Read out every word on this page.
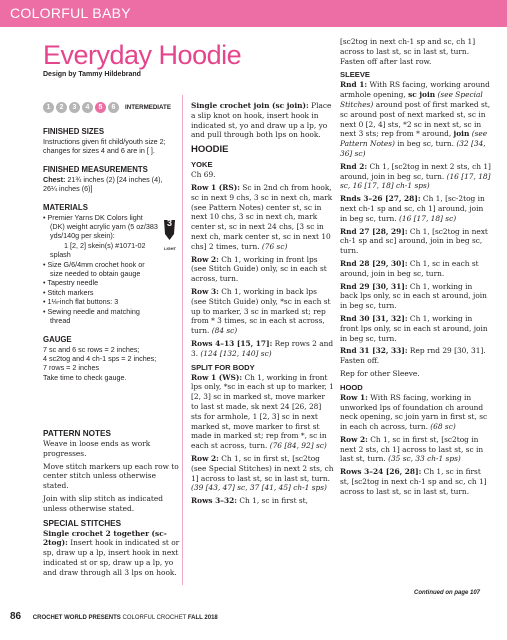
COLORFUL BABY
Everyday Hoodie
Design by Tammy Hildebrand
1	2	3	4	5	6	INTERMEDIATE
FINISHED SIZES
Instructions given fit child/youth size 2; changes for sizes 4 and 6 are in [ ].
FINISHED MEASUREMENTS
Chest: 21¾ inches (2) [24 inches (4), 26¼ inches (6)]
MATERIALS
3
LIGHT
• Premier Yarns DK Colors light (DK) weight acrylic yarn (5 oz/383 yds/140g per skein):
1 [2, 2] skein(s) #1071-02 splash
• Size G/6/4mm crochet hook or size needed to obtain gauge
• Tapestry needle
• Stitch markers
• 1⅛-inch flat buttons: 3
• Sewing needle and matching thread
GAUGE
7 sc and 6 sc rows = 2 inches;
4 sc2tog and 4 ch-1 sps = 2 inches;
7 rows = 2 inches
Take time to check gauge.
PATTERN NOTES

Weave in loose ends as work progresses.

Move stitch markers up each row to center stitch unless otherwise stated.

Join with slip stitch as indicated unless otherwise stated.

SPECIAL STITCHES

Single crochet 2 together (sc-2tog): Insert hook in indicated st or sp, draw up a lp, insert hook in next indicated st or sp, draw up a lp, yo and draw through all 3 lps on hook.

Single crochet join (sc join): Place a slip knot on hook, insert hook in indicated st, yo and draw up a lp, yo and pull through both lps on hook.

HOODIE
YOKE

Ch 69.

Row 1 (RS): Sc in 2nd ch from hook, sc in next 9 chs, 3 sc in next ch, mark (see Pattern Notes) center st, sc in next 10 chs, 3 sc in next ch, mark center st, sc in next 24 chs, [3 sc in next ch, mark center st, sc in next 10 chs] 2 times, turn. (76 sc)

Row 2: Ch 1, working in front lps (see Stitch Guide) only, sc in each st across, turn.

Row 3: Ch 1, working in back lps (see Stitch Guide) only, *sc in each st up to marker, 3 sc in marked st; rep from * 3 times, sc in each st across, turn. (84 sc)

Rows 4–13 [15, 17]: Rep rows 2 and 3. (124 [132, 140] sc)

SPLIT FOR BODY

Row 1 (WS): Ch 1, working in front lps only, *sc in each st up to marker, 1 [2, 3] sc in marked st, move marker to last st made, sk next 24 [26, 28] sts for armhole, 1 [2, 3] sc in next marked st, move marker to first st made in marked st; rep from *, sc in each st across, turn. (76 [84, 92] sc)

Row 2: Ch 1, sc in first st, [sc2tog (see Special Stitches) in next 2 sts, ch 1] across to last st, sc in last st, turn. (39 [43, 47] sc, 37 [41, 45] ch-1 sps)

Rows 3–32: Ch 1, sc in first st,

[sc2tog in next ch-1 sp and sc, ch 1] across to last st, sc in last st, turn. Fasten off after last row.

SLEEVE

Rnd 1: With RS facing, working around armhole opening, sc join (see Special Stitches) around post of first marked st, sc around post of next marked st, sc in next 0 [2, 4] sts, *2 sc in next st, sc in next 3 sts; rep from * around, join (see Pattern Notes) in beg sc, turn. (32 [34, 36] sc)

Rnd 2: Ch 1, [sc2tog in next 2 sts, ch 1] around, join in beg sc, turn. (16 [17, 18] sc, 16 [17, 18] ch-1 sps)

Rnds 3–26 [27, 28]: Ch 1, [sc-2tog in next ch-1 sp and sc, ch 1] around, join in beg sc, turn. (16 [17, 18] sc)

Rnd 27 [28, 29]: Ch 1, [sc2tog in next ch-1 sp and sc] around, join in beg sc, turn.

Rnd 28 [29, 30]: Ch 1, sc in each st around, join in beg sc, turn.

Rnd 29 [30, 31]: Ch 1, working in back lps only, sc in each st around, join in beg sc, turn.

Rnd 30 [31, 32]: Ch 1, working in front lps only, sc in each st around, join in beg sc, turn.

Rnd 31 [32, 33]: Rep rnd 29 [30, 31]. Fasten off.

Rep for other Sleeve.

HOOD

Row 1: With RS facing, working in unworked lps of foundation ch around neck opening, sc join yarn in first st, sc in each ch across, turn. (68 sc)

Row 2: Ch 1, sc in first st, [sc2tog in next 2 sts, ch 1] across to last st, sc in last st, turn. (35 sc, 33 ch-1 sps)

Rows 3–24 [26, 28]: Ch 1, sc in first st, [sc2tog in next ch-1 sp and sc, ch 1] across to last st, sc in last st, turn.

Continued on page 107
86 CROCHET WORLD PRESENTS COLORFUL CROCHET FALL 2018
